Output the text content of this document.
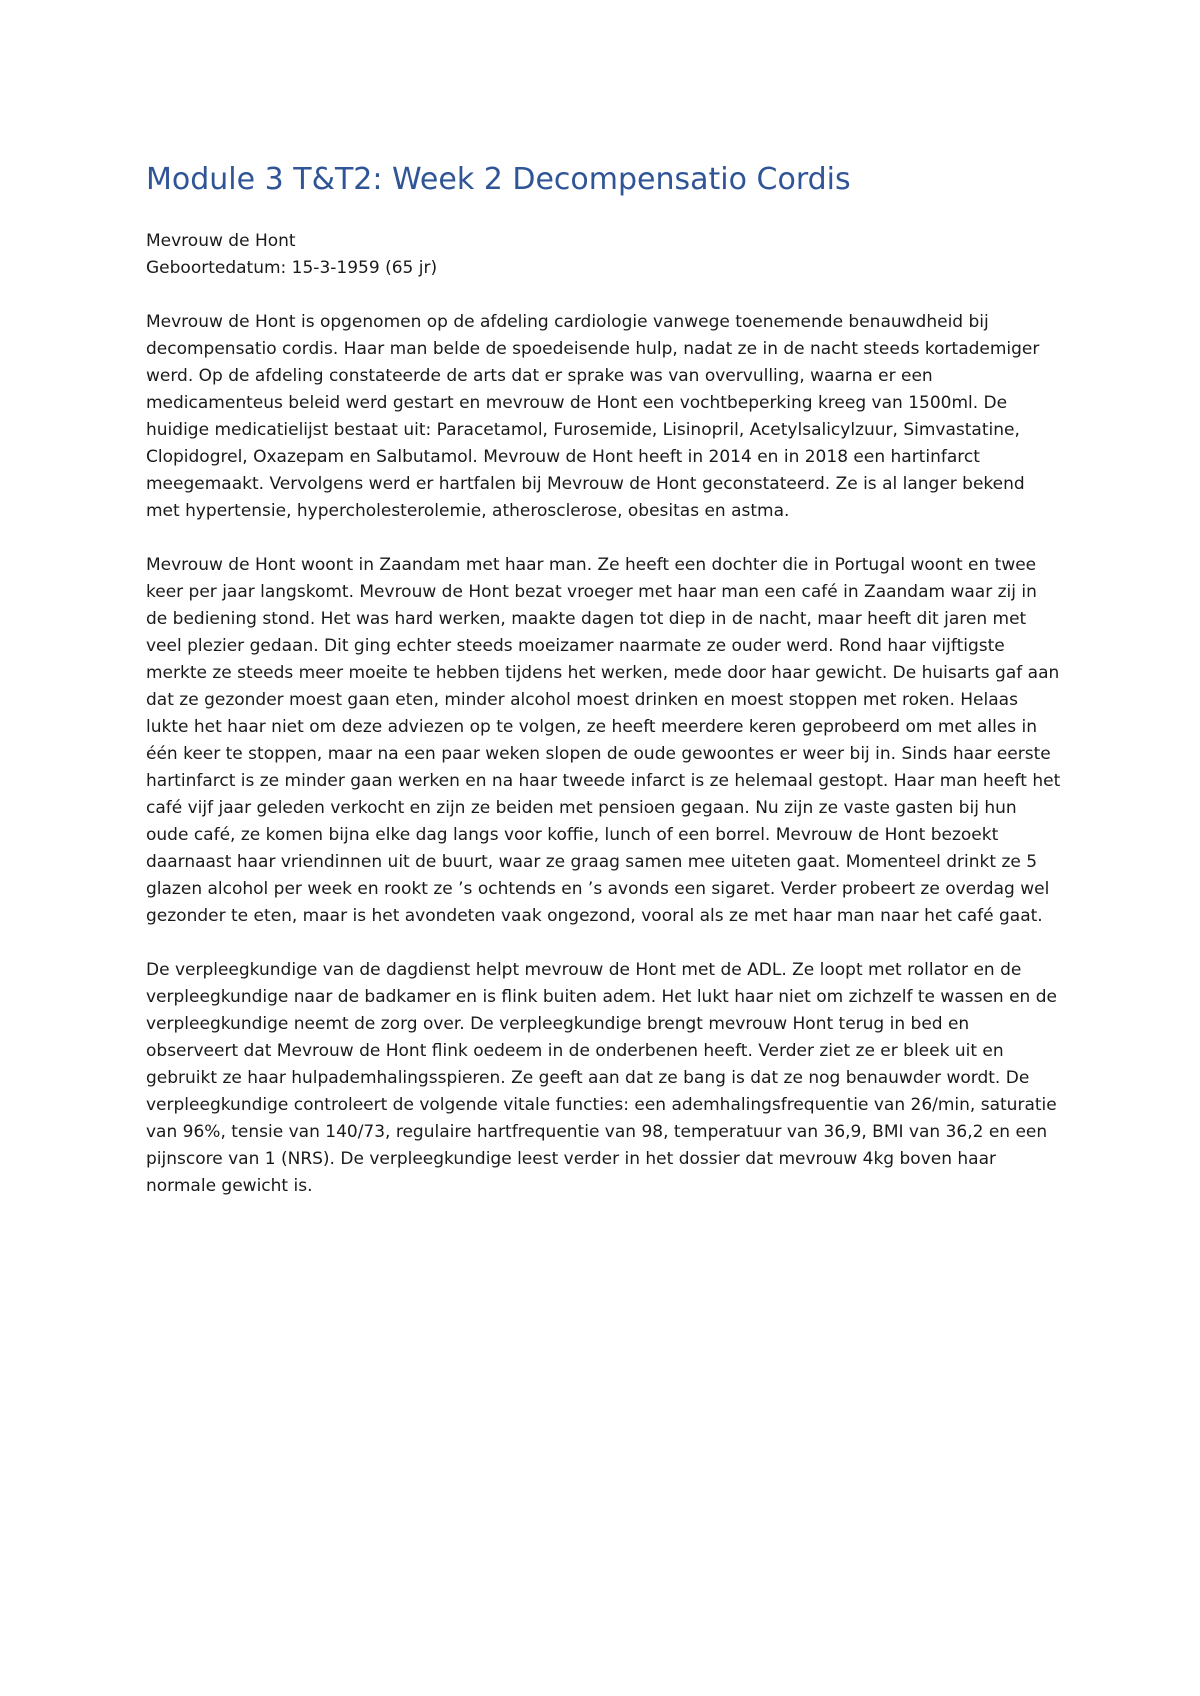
Module 3 T&T2: Week 2 Decompensatio Cordis

Mevrouw de Hont

Geboortedatum: 15-3-1959 (65 jr)

Mevrouw de Hont is opgenomen op de afdeling cardiologie vanwege toenemende benauwdheid bij decompensatio cordis. Haar man belde de spoedeisende hulp, nadat ze in de nacht steeds kortademiger werd. Op de afdeling constateerde de arts dat er sprake was van overvulling, waarna er een medicamenteus beleid werd gestart en mevrouw de Hont een vochtbeperking kreeg van 1500ml. De huidige medicatielijst bestaat uit: Paracetamol, Furosemide, Lisinopril, Acetylsalicylzuur, Simvastatine, Clopidogrel, Oxazepam en Salbutamol. Mevrouw de Hont heeft in 2014 en in 2018 een hartinfarct meegemaakt. Vervolgens werd er hartfalen bij Mevrouw de Hont geconstateerd. Ze is al langer bekend met hypertensie, hypercholesterolemie, atherosclerose, obesitas en astma.

Mevrouw de Hont woont in Zaandam met haar man. Ze heeft een dochter die in Portugal woont en twee keer per jaar langskomt. Mevrouw de Hont bezat vroeger met haar man een café in Zaandam waar zij in de bediening stond. Het was hard werken, maakte dagen tot diep in de nacht, maar heeft dit jaren met veel plezier gedaan. Dit ging echter steeds moeizamer naarmate ze ouder werd. Rond haar vijftigste merkte ze steeds meer moeite te hebben tijdens het werken, mede door haar gewicht. De huisarts gaf aan dat ze gezonder moest gaan eten, minder alcohol moest drinken en moest stoppen met roken. Helaas lukte het haar niet om deze adviezen op te volgen, ze heeft meerdere keren geprobeerd om met alles in één keer te stoppen, maar na een paar weken slopen de oude gewoontes er weer bij in. Sinds haar eerste hartinfarct is ze minder gaan werken en na haar tweede infarct is ze helemaal gestopt. Haar man heeft het café vijf jaar geleden verkocht en zijn ze beiden met pensioen gegaan. Nu zijn ze vaste gasten bij hun oude café, ze komen bijna elke dag langs voor koffie, lunch of een borrel. Mevrouw de Hont bezoekt daarnaast haar vriendinnen uit de buurt, waar ze graag samen mee uiteten gaat. Momenteel drinkt ze 5 glazen alcohol per week en rookt ze ’s ochtends en ’s avonds een sigaret. Verder probeert ze overdag wel gezonder te eten, maar is het avondeten vaak ongezond, vooral als ze met haar man naar het café gaat.

De verpleegkundige van de dagdienst helpt mevrouw de Hont met de ADL. Ze loopt met rollator en de verpleegkundige naar de badkamer en is flink buiten adem. Het lukt haar niet om zichzelf te wassen en de verpleegkundige neemt de zorg over. De verpleegkundige brengt mevrouw Hont terug in bed en observeert dat Mevrouw de Hont flink oedeem in de onderbenen heeft. Verder ziet ze er bleek uit en gebruikt ze haar hulpademhalingsspieren. Ze geeft aan dat ze bang is dat ze nog benauwder wordt. De verpleegkundige controleert de volgende vitale functies: een ademhalingsfrequentie van 26/min, saturatie van 96%, tensie van 140/73, regulaire hartfrequentie van 98, temperatuur van 36,9, BMI van 36,2 en een pijnscore van 1 (NRS). De verpleegkundige leest verder in het dossier dat mevrouw 4kg boven haar normale gewicht is.
